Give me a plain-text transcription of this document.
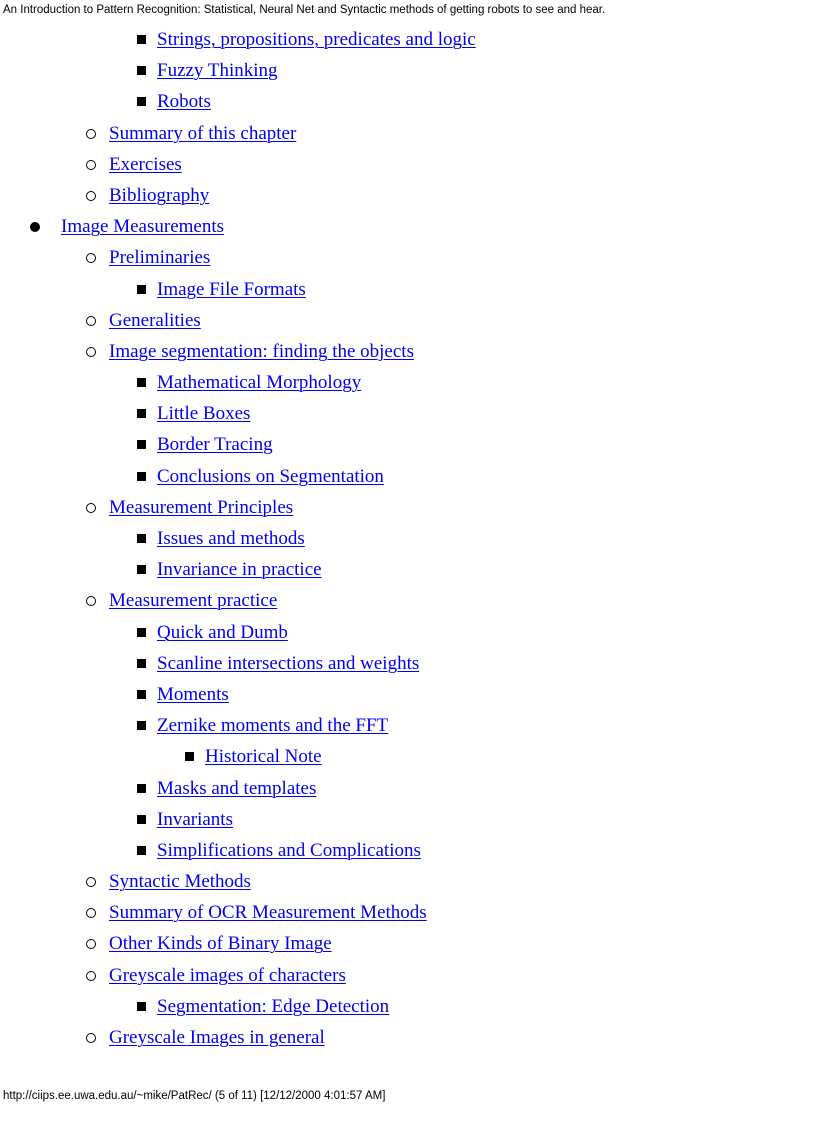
An Introduction to Pattern Recognition: Statistical, Neural Net and Syntactic methods of getting robots to see and hear.
Strings, propositions, predicates and logic
Fuzzy Thinking
Robots
Summary of this chapter
Exercises
Bibliography
Image Measurements
Preliminaries
Image File Formats
Generalities
Image segmentation: finding the objects
Mathematical Morphology
Little Boxes
Border Tracing
Conclusions on Segmentation
Measurement Principles
Issues and methods
Invariance in practice
Measurement practice
Quick and Dumb
Scanline intersections and weights
Moments
Zernike moments and the FFT
Historical Note
Masks and templates
Invariants
Simplifications and Complications
Syntactic Methods
Summary of OCR Measurement Methods
Other Kinds of Binary Image
Greyscale images of characters
Segmentation: Edge Detection
Greyscale Images in general
http://ciips.ee.uwa.edu.au/~mike/PatRec/ (5 of 11) [12/12/2000 4:01:57 AM]
